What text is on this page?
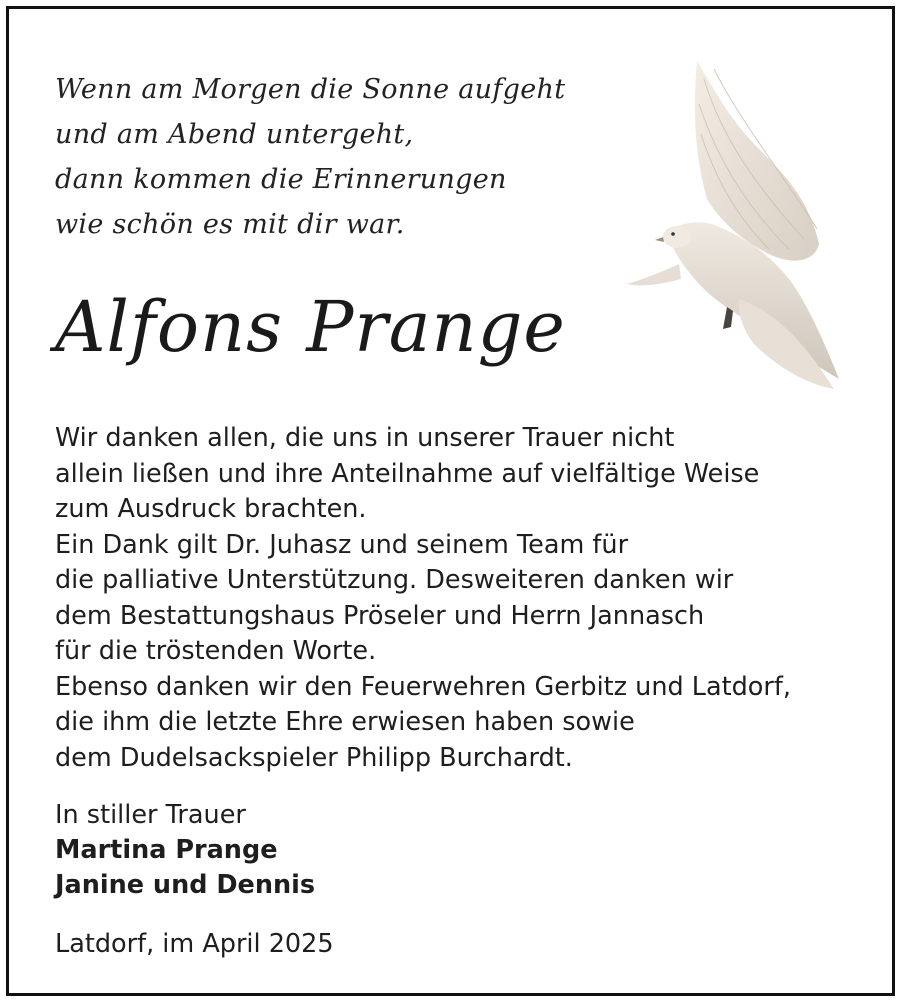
Wenn am Morgen die Sonne aufgeht
und am Abend untergeht,
dann kommen die Erinnerungen
wie schön es mit dir war.
Alfons Prange
Wir danken allen, die uns in unserer Trauer nicht
allein ließen und ihre Anteilnahme auf vielfältige Weise
zum Ausdruck brachten.
Ein Dank gilt Dr. Juhasz und seinem Team für
die palliative Unterstützung. Desweiteren danken wir
dem Bestattungshaus Pröseler und Herrn Jannasch
für die tröstenden Worte.
Ebenso danken wir den Feuerwehren Gerbitz und Latdorf,
die ihm die letzte Ehre erwiesen haben sowie
dem Dudelsackspieler Philipp Burchardt.
In stiller Trauer
Martina Prange
Janine und Dennis
Latdorf, im April 2025
